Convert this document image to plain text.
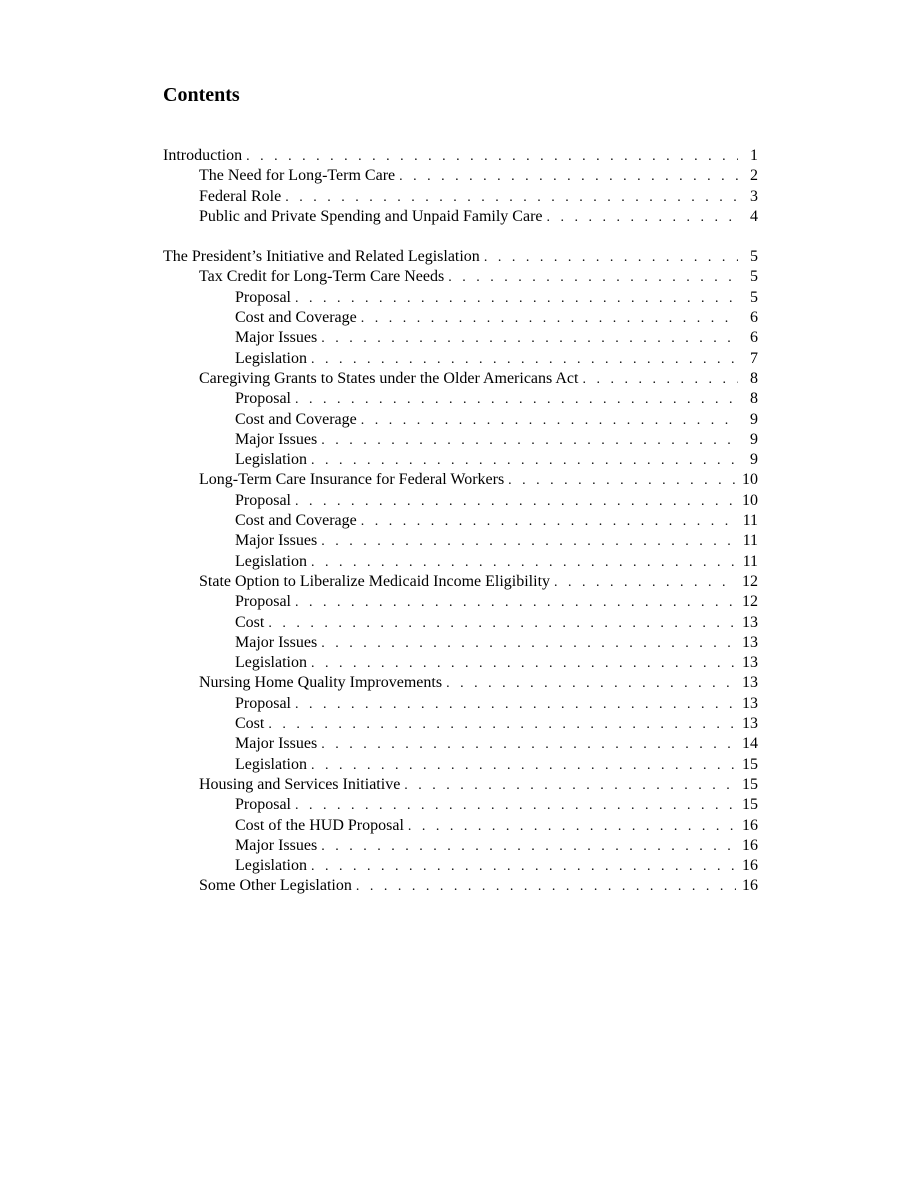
Contents
Introduction . . .	1
The Need for Long-Term Care . . .	2
Federal Role . . .	3
Public and Private Spending and Unpaid Family Care . . .	4
The President’s Initiative and Related Legislation . . .	5
Tax Credit for Long-Term Care Needs . . .	5
Proposal . . .	5
Cost and Coverage . . .	6
Major Issues . . .	6
Legislation . . .	7
Caregiving Grants to States under the Older Americans Act . . .	8
Proposal . . .	8
Cost and Coverage . . .	9
Major Issues . . .	9
Legislation . . .	9
Long-Term Care Insurance for Federal Workers . . .	10
Proposal . . .	10
Cost and Coverage . . .	11
Major Issues . . .	11
Legislation . . .	11
State Option to Liberalize Medicaid Income Eligibility . . .	12
Proposal . . .	12
Cost . . .	13
Major Issues . . .	13
Legislation . . .	13
Nursing Home Quality Improvements . . .	13
Proposal . . .	13
Cost . . .	13
Major Issues . . .	14
Legislation . . .	15
Housing and Services Initiative . . .	15
Proposal . . .	15
Cost of the HUD Proposal . . .	16
Major Issues . . .	16
Legislation . . .	16
Some Other Legislation . . .	16
